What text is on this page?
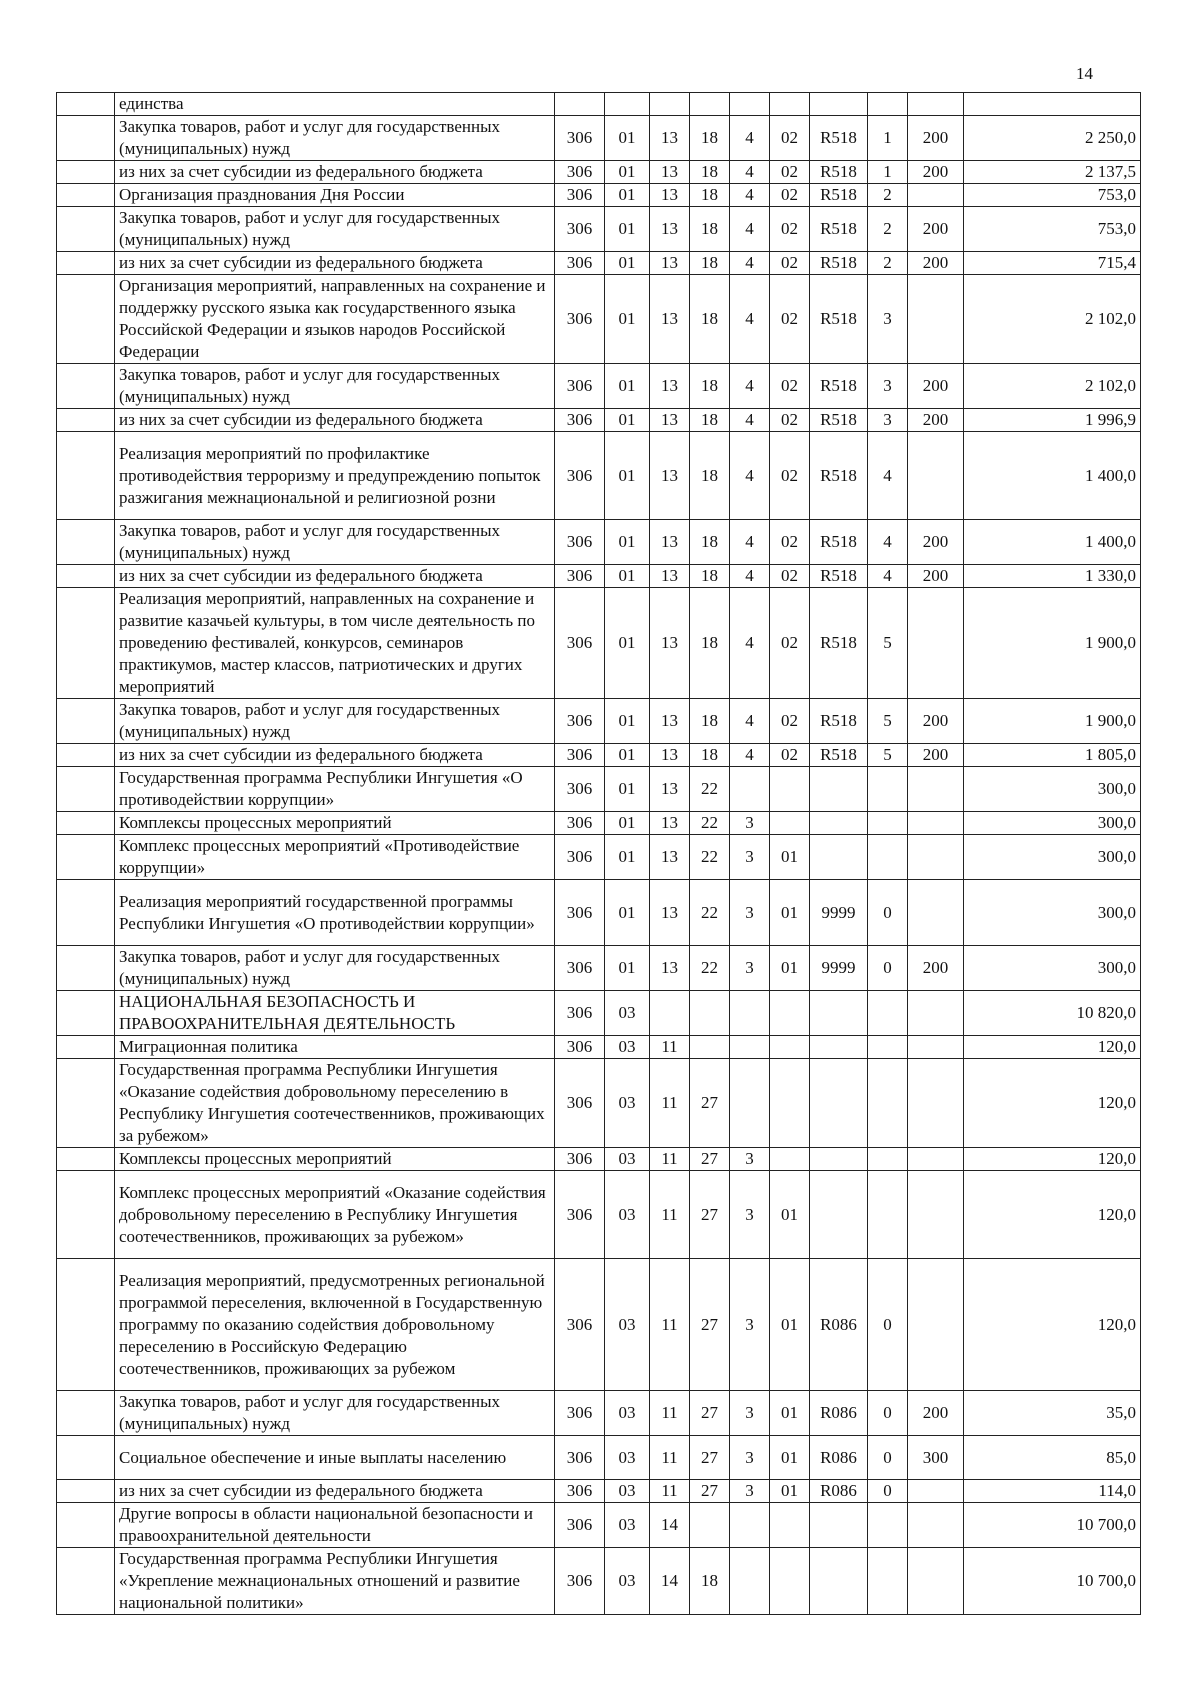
14
	единства										
	Закупка товаров, работ и услуг для государственных (муниципальных) нужд	306	01	13	18	4	02	R518	1	200	2 250,0
	из них за счет субсидии из федерального бюджета	306	01	13	18	4	02	R518	1	200	2 137,5
	Организация празднования Дня России	306	01	13	18	4	02	R518	2		753,0
	Закупка товаров, работ и услуг для государственных (муниципальных) нужд	306	01	13	18	4	02	R518	2	200	753,0
	из них за счет субсидии из федерального бюджета	306	01	13	18	4	02	R518	2	200	715,4
	Организация мероприятий, направленных на сохранение и поддержку русского языка как государственного языка Российской Федерации и языков народов Российской Федерации	306	01	13	18	4	02	R518	3		2 102,0
	Закупка товаров, работ и услуг для государственных (муниципальных) нужд	306	01	13	18	4	02	R518	3	200	2 102,0
	из них за счет субсидии из федерального бюджета	306	01	13	18	4	02	R518	3	200	1 996,9
	Реализация мероприятий по профилактике противодействия терроризму и предупреждению попыток разжигания межнациональной и религиозной розни	306	01	13	18	4	02	R518	4		1 400,0
	Закупка товаров, работ и услуг для государственных (муниципальных) нужд	306	01	13	18	4	02	R518	4	200	1 400,0
	из них за счет субсидии из федерального бюджета	306	01	13	18	4	02	R518	4	200	1 330,0
	Реализация мероприятий, направленных на сохранение и развитие казачьей культуры, в том числе деятельность по проведению фестивалей, конкурсов, семинаров практикумов, мастер классов, патриотических и других мероприятий	306	01	13	18	4	02	R518	5		1 900,0
	Закупка товаров, работ и услуг для государственных (муниципальных) нужд	306	01	13	18	4	02	R518	5	200	1 900,0
	из них за счет субсидии из федерального бюджета	306	01	13	18	4	02	R518	5	200	1 805,0
	Государственная программа Республики Ингушетия «О противодействии коррупции»	306	01	13	22						300,0
	Комплексы процессных мероприятий	306	01	13	22	3					300,0
	Комплекс процессных мероприятий «Противодействие коррупции»	306	01	13	22	3	01				300,0
	Реализация мероприятий государственной программы Республики Ингушетия «О противодействии коррупции»	306	01	13	22	3	01	9999	0		300,0
	Закупка товаров, работ и услуг для государственных (муниципальных) нужд	306	01	13	22	3	01	9999	0	200	300,0
	НАЦИОНАЛЬНАЯ БЕЗОПАСНОСТЬ И ПРАВООХРАНИТЕЛЬНАЯ ДЕЯТЕЛЬНОСТЬ	306	03								10 820,0
	Миграционная политика	306	03	11							120,0
	Государственная программа Республики Ингушетия «Оказание содействия добровольному переселению в Республику Ингушетия соотечественников, проживающих за рубежом»	306	03	11	27						120,0
	Комплексы процессных мероприятий	306	03	11	27	3					120,0
	Комплекс процессных мероприятий «Оказание содействия добровольному переселению в Республику Ингушетия соотечественников, проживающих за рубежом»	306	03	11	27	3	01				120,0
	Реализация мероприятий, предусмотренных региональной программой переселения, включенной в Государственную программу по оказанию содействия добровольному переселению в Российскую Федерацию соотечественников, проживающих за рубежом	306	03	11	27	3	01	R086	0		120,0
	Закупка товаров, работ и услуг для государственных (муниципальных) нужд	306	03	11	27	3	01	R086	0	200	35,0
	Социальное обеспечение и иные выплаты населению	306	03	11	27	3	01	R086	0	300	85,0
	из них за счет субсидии из федерального бюджета	306	03	11	27	3	01	R086	0		114,0
	Другие вопросы в области национальной безопасности и правоохранительной деятельности	306	03	14							10 700,0
	Государственная программа Республики Ингушетия «Укрепление межнациональных отношений и развитие национальной политики»	306	03	14	18						10 700,0
